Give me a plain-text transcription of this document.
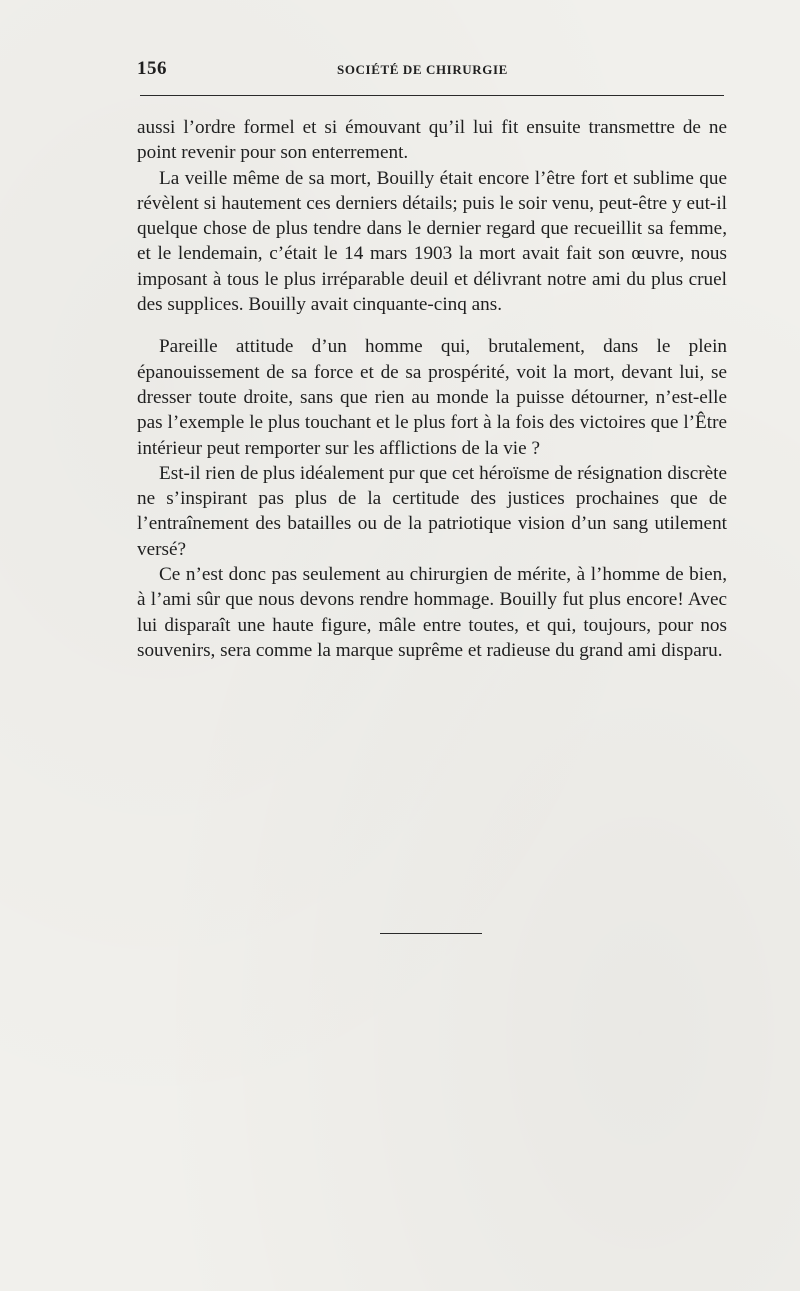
156	SOCIÉTÉ DE CHIRURGIE

aussi l’ordre formel et si émouvant qu’il lui fit ensuite transmettre de ne point revenir pour son enterrement.

La veille même de sa mort, Bouilly était encore l’être fort et sublime que révèlent si hautement ces derniers détails; puis le soir venu, peut-être y eut-il quelque chose de plus tendre dans le dernier regard que recueillit sa femme, et le lendemain, c’était le 14 mars 1903 la mort avait fait son œuvre, nous imposant à tous le plus irréparable deuil et délivrant notre ami du plus cruel des supplices. Bouilly avait cinquante-cinq ans.

Pareille attitude d’un homme qui, brutalement, dans le plein épanouissement de sa force et de sa prospérité, voit la mort, devant lui, se dresser toute droite, sans que rien au monde la puisse détourner, n’est-elle pas l’exemple le plus touchant et le plus fort à la fois des victoires que l’Être intérieur peut remporter sur les afflictions de la vie ?

Est-il rien de plus idéalement pur que cet héroïsme de résignation discrète ne s’inspirant pas plus de la certitude des justices prochaines que de l’entraînement des batailles ou de la patriotique vision d’un sang utilement versé?

Ce n’est donc pas seulement au chirurgien de mérite, à l’homme de bien, à l’ami sûr que nous devons rendre hommage. Bouilly fut plus encore! Avec lui disparaît une haute figure, mâle entre toutes, et qui, toujours, pour nos souvenirs, sera comme la marque suprême et radieuse du grand ami disparu.
